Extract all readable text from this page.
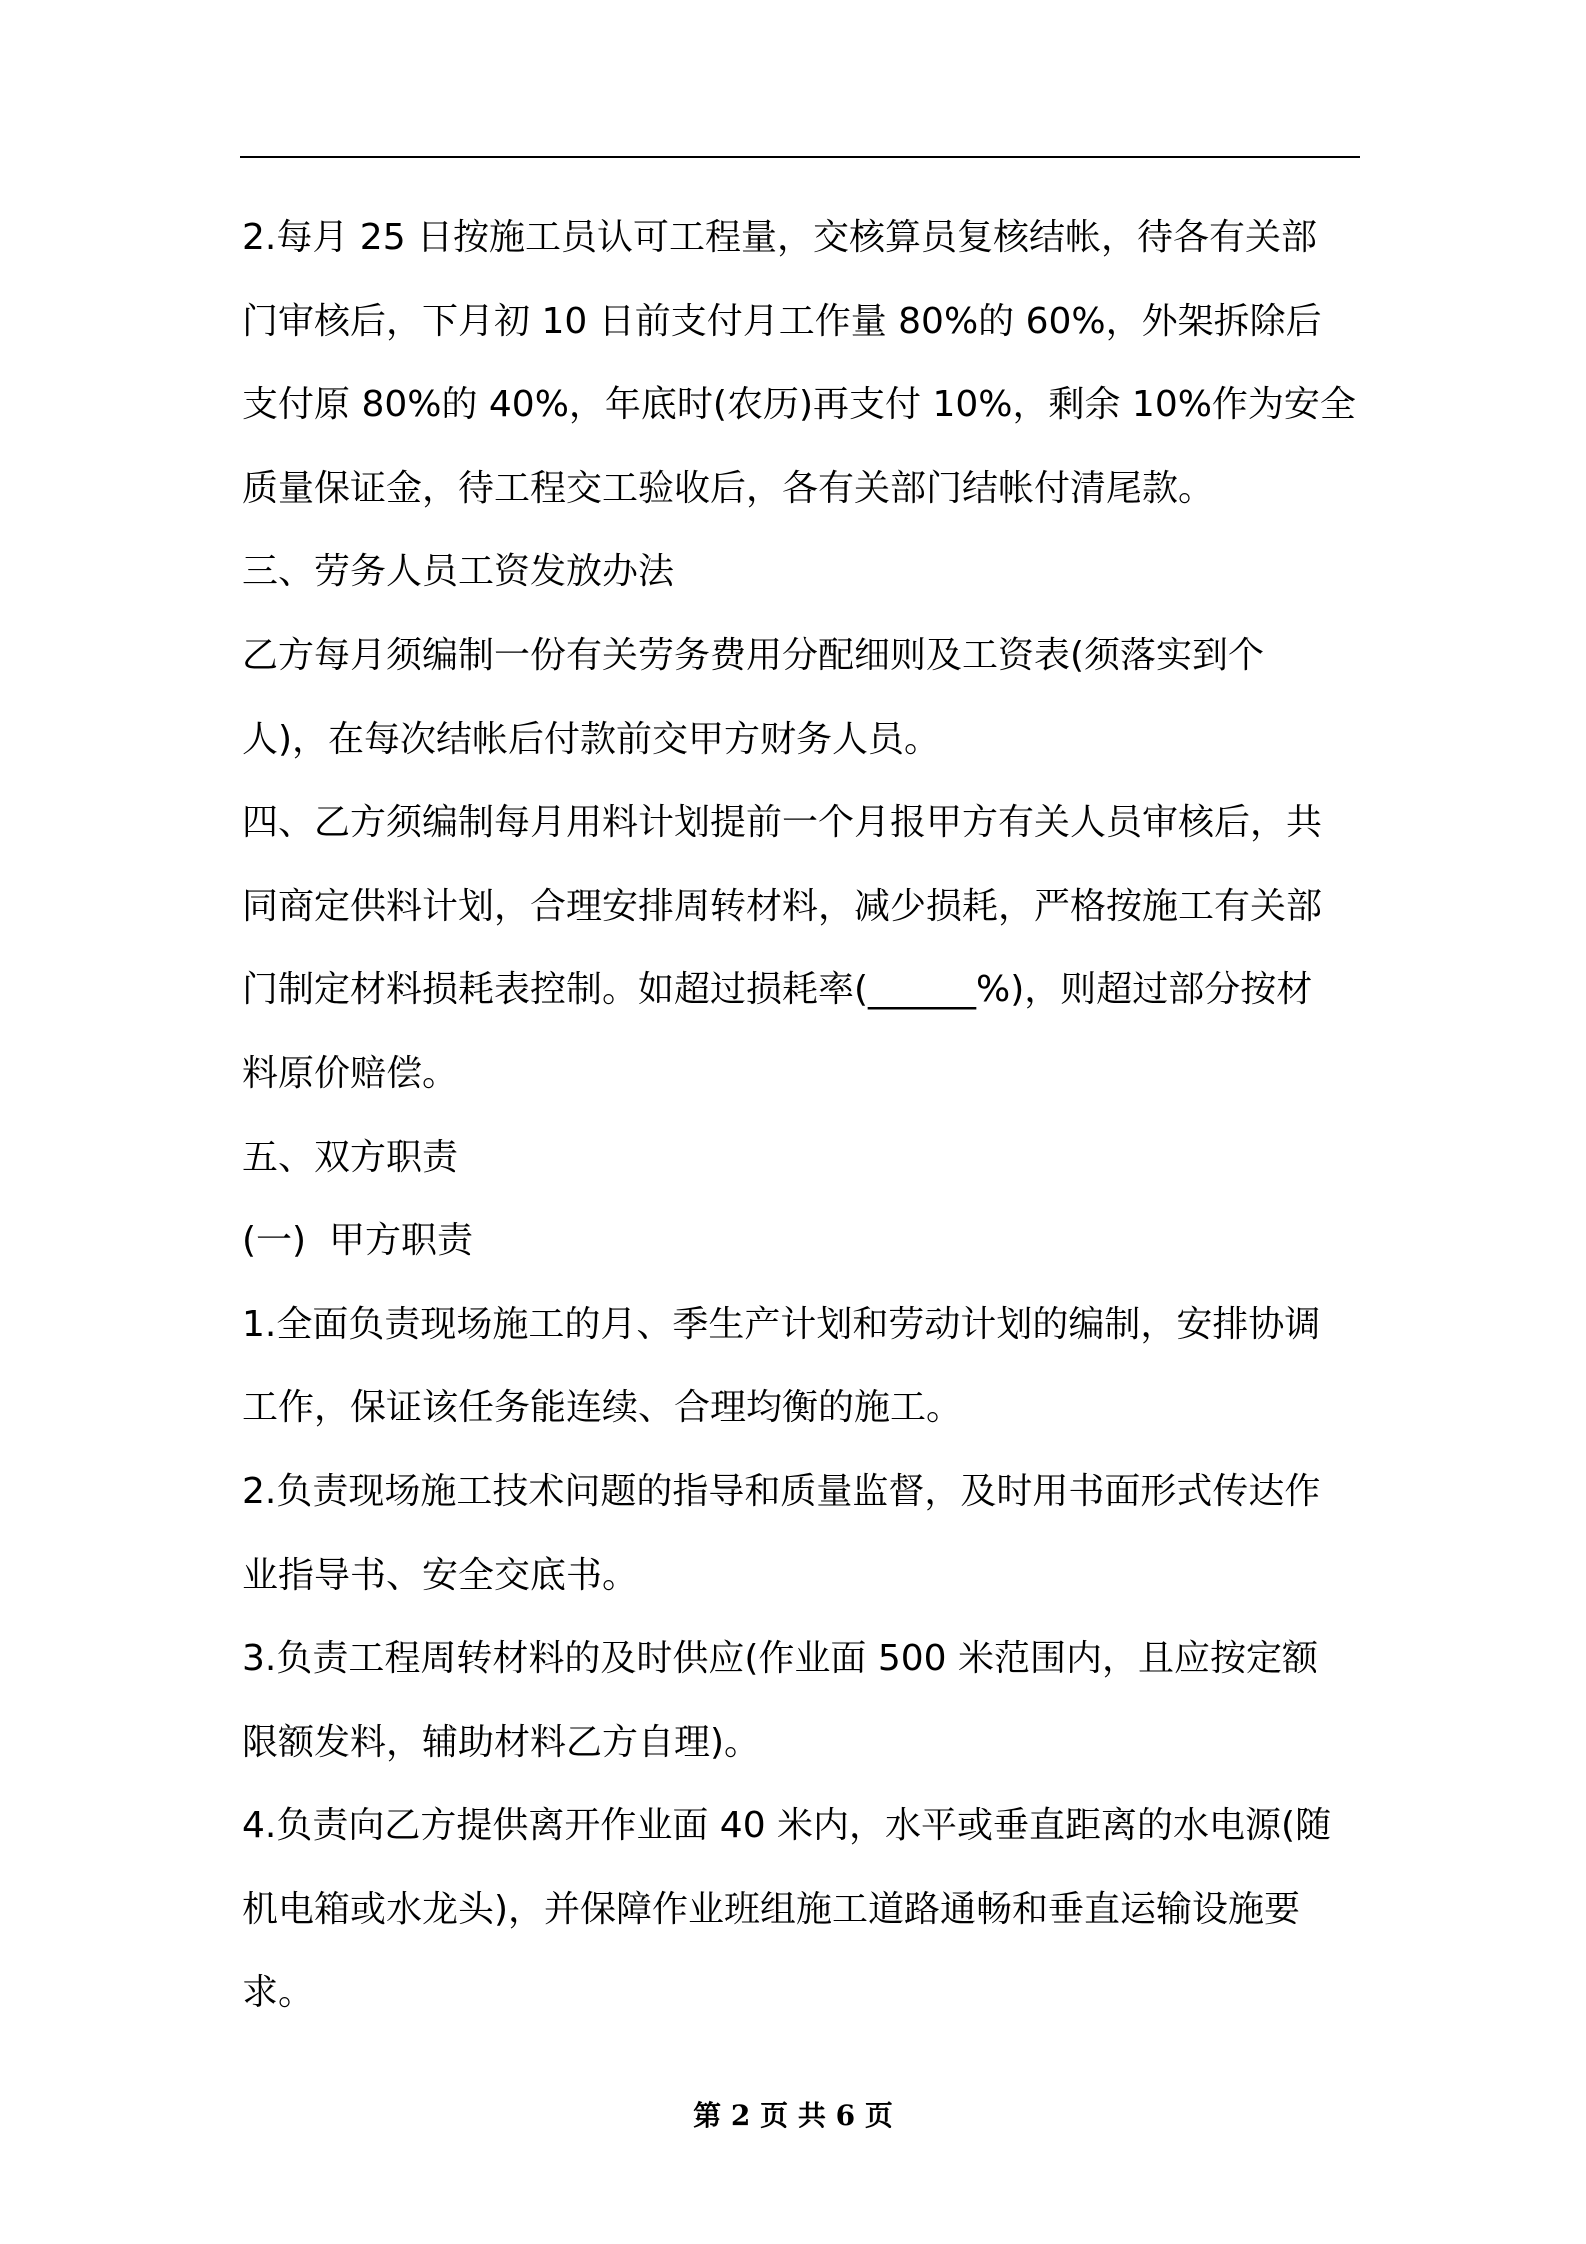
2.每月 25 日按施工员认可工程量，交核算员复核结帐，待各有关部
门审核后，下月初 10 日前支付月工作量 80%的 60%，外架拆除后
支付原 80%的 40%，年底时(农历)再支付 10%，剩余 10%作为安全
质量保证金，待工程交工验收后，各有关部门结帐付清尾款。
三、劳务人员工资发放办法
乙方每月须编制一份有关劳务费用分配细则及工资表(须落实到个
人)，在每次结帐后付款前交甲方财务人员。
四、乙方须编制每月用料计划提前一个月报甲方有关人员审核后，共
同商定供料计划，合理安排周转材料，减少损耗，严格按施工有关部
门制定材料损耗表控制。如超过损耗率(______%)，则超过部分按材
料原价赔偿。
五、双方职责
(一)  甲方职责
1.全面负责现场施工的月、季生产计划和劳动计划的编制，安排协调
工作，保证该任务能连续、合理均衡的施工。
2.负责现场施工技术问题的指导和质量监督，及时用书面形式传达作
业指导书、安全交底书。
3.负责工程周转材料的及时供应(作业面 500 米范围内，且应按定额
限额发料，辅助材料乙方自理)。
4.负责向乙方提供离开作业面 40 米内，水平或垂直距离的水电源(随
机电箱或水龙头)，并保障作业班组施工道路通畅和垂直运输设施要
求。
第 2 页 共 6 页
